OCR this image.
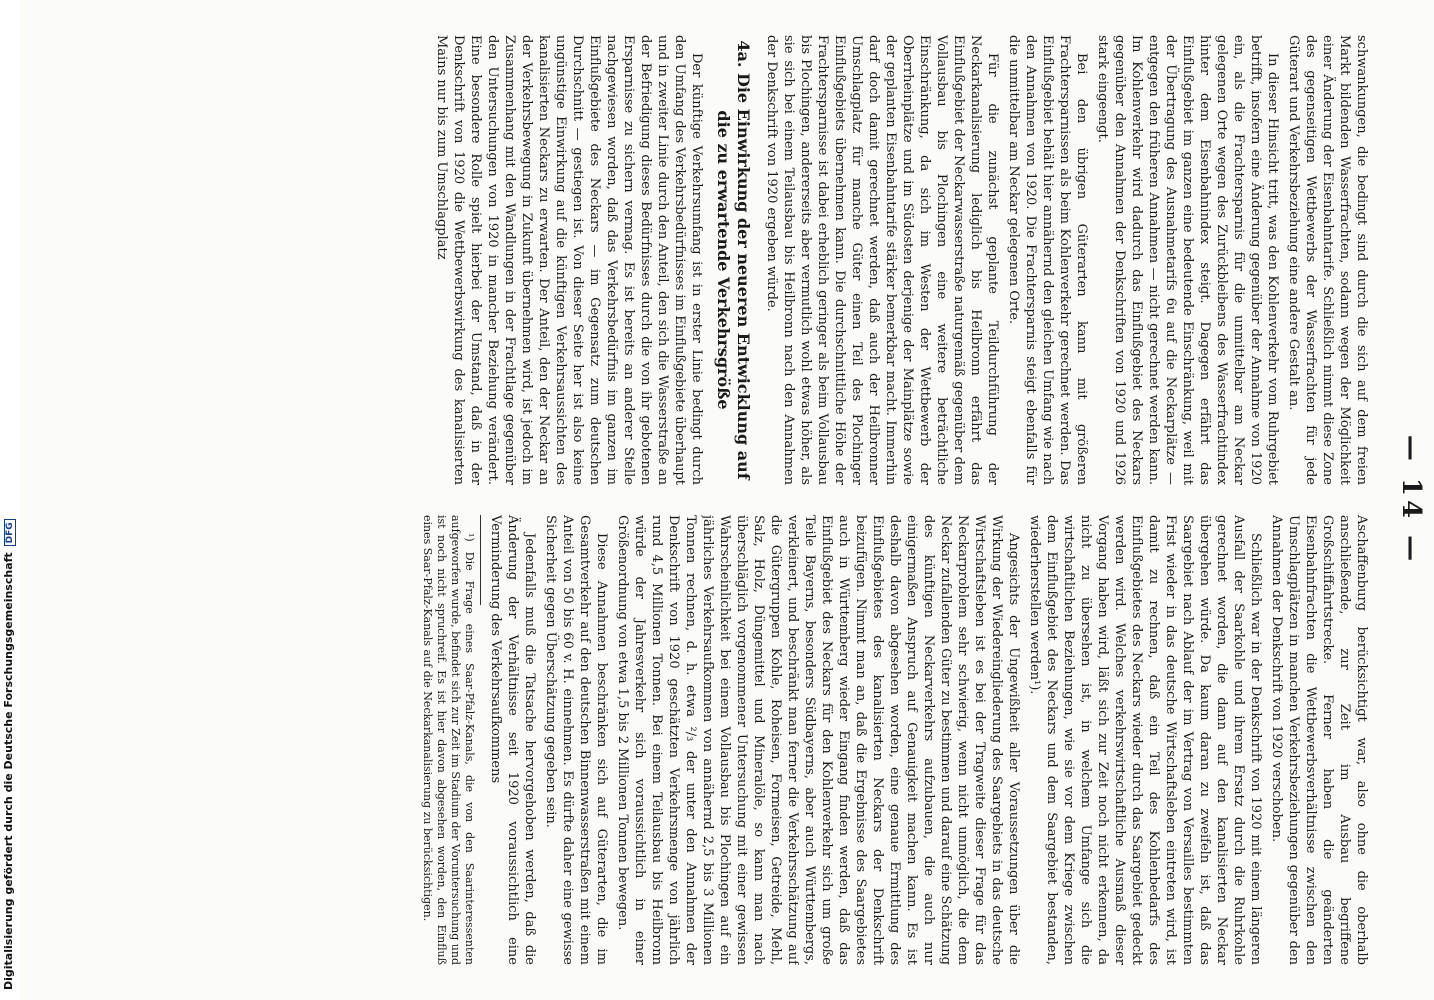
Digitalisierung gefördert durch die Deutsche ForschungsgemeinschaftDFG	— 14 —

schwankungen, die bedingt sind durch die sich auf dem freien Markt bildenden Wasserfrachten, sodann wegen der Möglichkeit einer Änderung der Eisenbahntarife. Schließlich nimmt diese Zone des gegenseitigen Wettbewerbs der Wasserfrachten für jede Güterart und Verkehrsbeziehung eine andere Gestalt an.

In dieser Hinsicht tritt, was den Kohlenverkehr vom Ruhrgebiet betrifft, insofern eine Änderung gegenüber der Annahme von 1920 ein, als die Frachtersparnis für die unmittelbar am Neckar gelegenen Orte wegen des Zurückbleibens des Wasserfrachtindex hinter dem Eisenbahnindex steigt. Dagegen erfährt das Einflußgebiet im ganzen eine bedeutende Einschränkung, weil mit der Übertragung des Ausnahmetarifs 6u auf die Neckarplätze — entgegen den früheren Annahmen — nicht gerechnet werden kann. Im Kohlenverkehr wird dadurch das Einflußgebiet des Neckars gegenüber den Annahmen der Denkschriften von 1920 und 1926 stark eingeengt.

Bei den übrigen Güterarten kann mit größeren Frachtersparnissen als beim Kohlenverkehr gerechnet werden. Das Einflußgebiet behält hier annähernd den gleichen Umfang wie nach den Annahmen von 1920. Die Frachtersparnis steigt ebenfalls für die unmittelbar am Neckar gelegenen Orte.

Für die zunächst geplante Teildurchführung der Neckarkanalisierung lediglich bis Heilbronn erfährt das Einflußgebiet der Neckarwasserstraße naturgemäß gegenüber dem Vollausbau bis Plochingen eine weitere beträchtliche Einschränkung, da sich im Westen der Wettbewerb der Oberrheinplätze und im Südosten derjenige der Mainplätze sowie der geplanten Eisenbahntarife stärker bemerkbar macht. Immerhin darf doch damit gerechnet werden, daß auch der Heilbronner Umschlagplatz für manche Güter einen Teil des Plochinger Einflußgebiets übernehmen kann. Die durchschnittliche Höhe der Frachtersparnisse ist dabei erheblich geringer als beim Vollausbau bis Plochingen, andererseits aber vermutlich wohl etwas höher, als sie sich bei einem Teilausbau bis Heilbronn nach den Annahmen der Denkschrift von 1920 ergeben würde.

4a. Die Einwirkung der neueren Entwicklung auf die zu erwartende Verkehrsgröße

Der künftige Verkehrsumfang ist in erster Linie bedingt durch den Umfang des Verkehrsbedürfnisses im Einflußgebiete überhaupt und in zweiter Linie durch den Anteil, den sich die Wasserstraße an der Befriedigung dieses Bedürfnisses durch die von ihr gebotenen Ersparnisse zu sichern vermag. Es ist bereits an anderer Stelle nachgewiesen worden, daß das Verkehrsbedürfnis im ganzen im Einflußgebiete des Neckars — im Gegensatz zum deutschen Durchschnitt — gestiegen ist. Von dieser Seite her ist also keine ungünstige Einwirkung auf die künftigen Verkehrsaussichten des kanalisierten Neckars zu erwarten. Der Anteil, den der Neckar an der Verkehrsbewegung in Zukunft übernehmen wird, ist jedoch im Zusammenhang mit den Wandlungen in der Frachtlage gegenüber den Untersuchungen von 1920 in mancher Beziehung verändert. Eine besondere Rolle spielt hierbei der Umstand, daß in der Denkschrift von 1920 die Wettbewerbswirkung des kanalisierten Mains nur bis zum Umschlagplatz

Aschaffenburg berücksichtigt war, also ohne die oberhalb anschließende, zur Zeit im Ausbau begriffene Großschiffahrtstrecke. Ferner haben die geänderten Eisenbahnfrachten die Wettbewerbsverhältnisse zwischen den Umschlagplätzen in manchen Verkehrsbeziehungen gegenüber den Annahmen der Denkschrift von 1920 verschoben.

Schließlich war in der Denkschrift von 1920 mit einem längeren Ausfall der Saarkohle und ihrem Ersatz durch die Ruhrkohle gerechnet worden, die dann auf den kanalisierten Neckar übergehen würde. Da kaum daran zu zweifeln ist, daß das Saargebiet nach Ablauf der im Vertrag von Versailles bestimmten Frist wieder in das deutsche Wirtschaftsleben eintreten wird, ist damit zu rechnen, daß ein Teil des Kohlenbedarfs des Einflußgebietes des Neckars wieder durch das Saargebiet gedeckt werden wird. Welches verkehrswirtschaftliche Ausmaß dieser Vorgang haben wird, läßt sich zur Zeit noch nicht erkennen, da nicht zu übersehen ist, in welchem Umfange sich die wirtschaftlichen Beziehungen, wie sie vor dem Kriege zwischen dem Einflußgebiet des Neckars und dem Saargebiet bestanden, wiederherstellen werden¹).

Angesichts der Ungewißheit aller Voraussetzungen über die Wirkung der Wiedereingliederung des Saargebiets in das deutsche Wirtschaftsleben ist es bei der Tragweite dieser Frage für das Neckarproblem sehr schwierig, wenn nicht unmöglich, die dem Neckar zufallenden Güter zu bestimmen und darauf eine Schätzung des künftigen Neckarverkehrs aufzubauen, die auch nur einigermaßen Anspruch auf Genauigkeit machen kann. Es ist deshalb davon abgesehen worden, eine genaue Ermittlung des Einflußgebietes des kanalisierten Neckars der Denkschrift beizufügen. Nimmt man an, daß die Ergebnisse des Saargebietes auch in Württemberg wieder Eingang finden werden, daß das Einflußgebiet des Neckars für den Kohlenverkehr sich um große Teile Bayerns, besonders Südbayerns, aber auch Württembergs, verkleinert, und beschränkt man ferner die Verkehrsschätzung auf die Gütergruppen Kohle, Roheisen, Formeisen, Getreide, Mehl, Salz, Holz, Düngemittel und Mineralöle, so kann man nach überschläglich vorgenommener Untersuchung mit einer gewissen Wahrscheinlichkeit bei einem Vollausbau bis Plochingen auf ein jährliches Verkehrsaufkommen von annähernd 2,5 bis 3 Millionen Tonnen rechnen, d. h. etwa ²/₃ der unter den Annahmen der Denkschrift von 1920 geschätzten Verkehrsmenge von jährlich rund 4,5 Millionen Tonnen. Bei einem Teilausbau bis Heilbronn würde der Jahresverkehr sich voraussichtlich in einer Größenordnung von etwa 1,5 bis 2 Millionen Tonnen bewegen.

Diese Annahmen beschränken sich auf Güterarten, die im Gesamtverkehr auf den deutschen Binnenwasserstraßen mit einem Anteil von 50 bis 60 v. H. einnehmen. Es dürfte daher eine gewisse Sicherheit gegen Überschätzung gegeben sein.

Jedenfalls muß die Tatsache hervorgehoben werden, daß die Änderung der Verhältnisse seit 1920 voraussichtlich eine Verminderung des Verkehrsaufkommens

¹) Die Frage eines Saar-Pfalz-Kanals, die von den Saarinteressenten aufgeworfen wurde, befindet sich zur Zeit im Stadium der Voruntersuchung und ist noch nicht spruchreif. Es ist hier davon abgesehen worden, den Einfluß eines Saar-Pfalz-Kanals auf die Neckarkanalisierung zu berücksichtigen.
